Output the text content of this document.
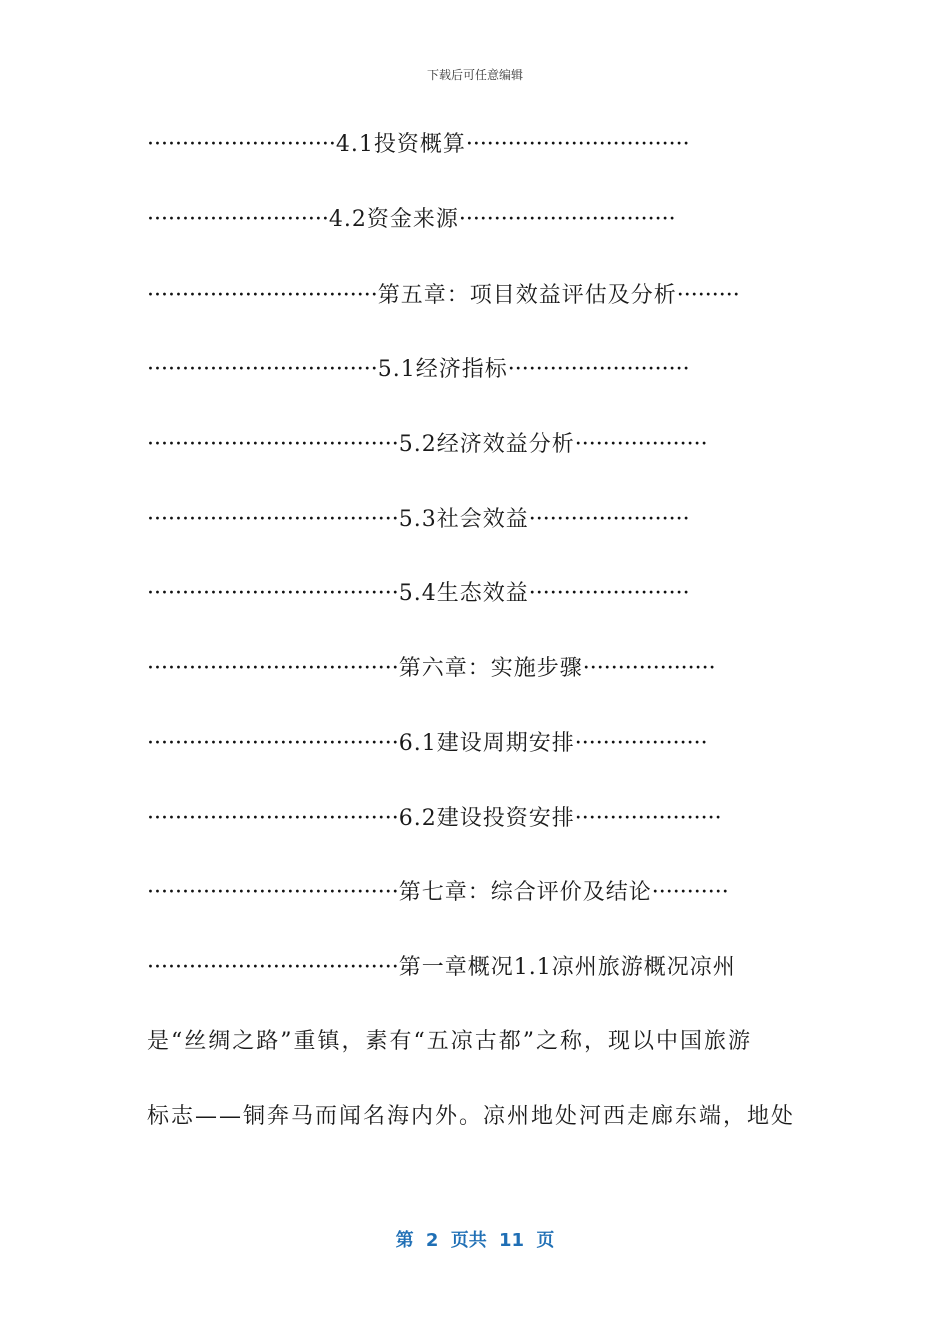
下载后可任意编辑
···························4.1投资概算································
··························4.2资金来源·······························
·································第五章：项目效益评估及分析·········
·································5.1经济指标··························
····································5.2经济效益分析···················
····································5.3社会效益·······················
····································5.4生态效益·······················
····································第六章：实施步骤···················
····································6.1建设周期安排···················
····································6.2建设投资安排·····················
····································第七章：综合评价及结论···········
····································第一章概况1.1凉州旅游概况凉州
是“丝绸之路”重镇，素有“五凉古都”之称，现以中国旅游
标志——铜奔马而闻名海内外。凉州地处河西走廊东端，地处
第 2 页共 11 页
